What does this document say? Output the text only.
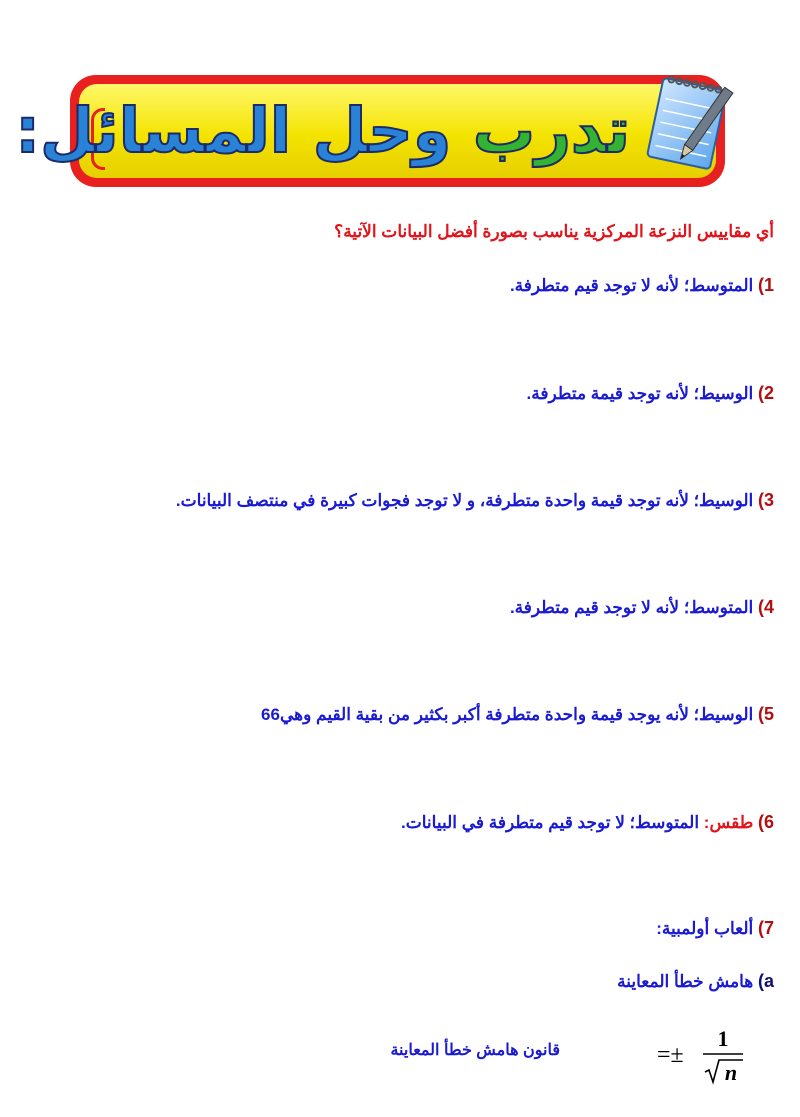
تدرب وحل المسائل:
أي مقاييس النزعة المركزية يناسب بصورة أفضل البيانات الآتية؟
1) المتوسط؛ لأنه لا توجد قيم متطرفة.
2) الوسيط؛ لأنه توجد قيمة متطرفة.
3) الوسيط؛ لأنه توجد قيمة واحدة متطرفة، و لا توجد فجوات كبيرة في منتصف البيانات.
4) المتوسط؛ لأنه لا توجد قيم متطرفة.
5) الوسيط؛ لأنه يوجد قيمة واحدة متطرفة أكبر بكثير من بقية القيم وهي66
6) طقس: المتوسط؛ لا توجد قيم متطرفة في البيانات.
7) ألعاب أولمبية:
a) هامش خطأ المعاينة
=±
1
n
قانون هامش خطأ المعاينة
